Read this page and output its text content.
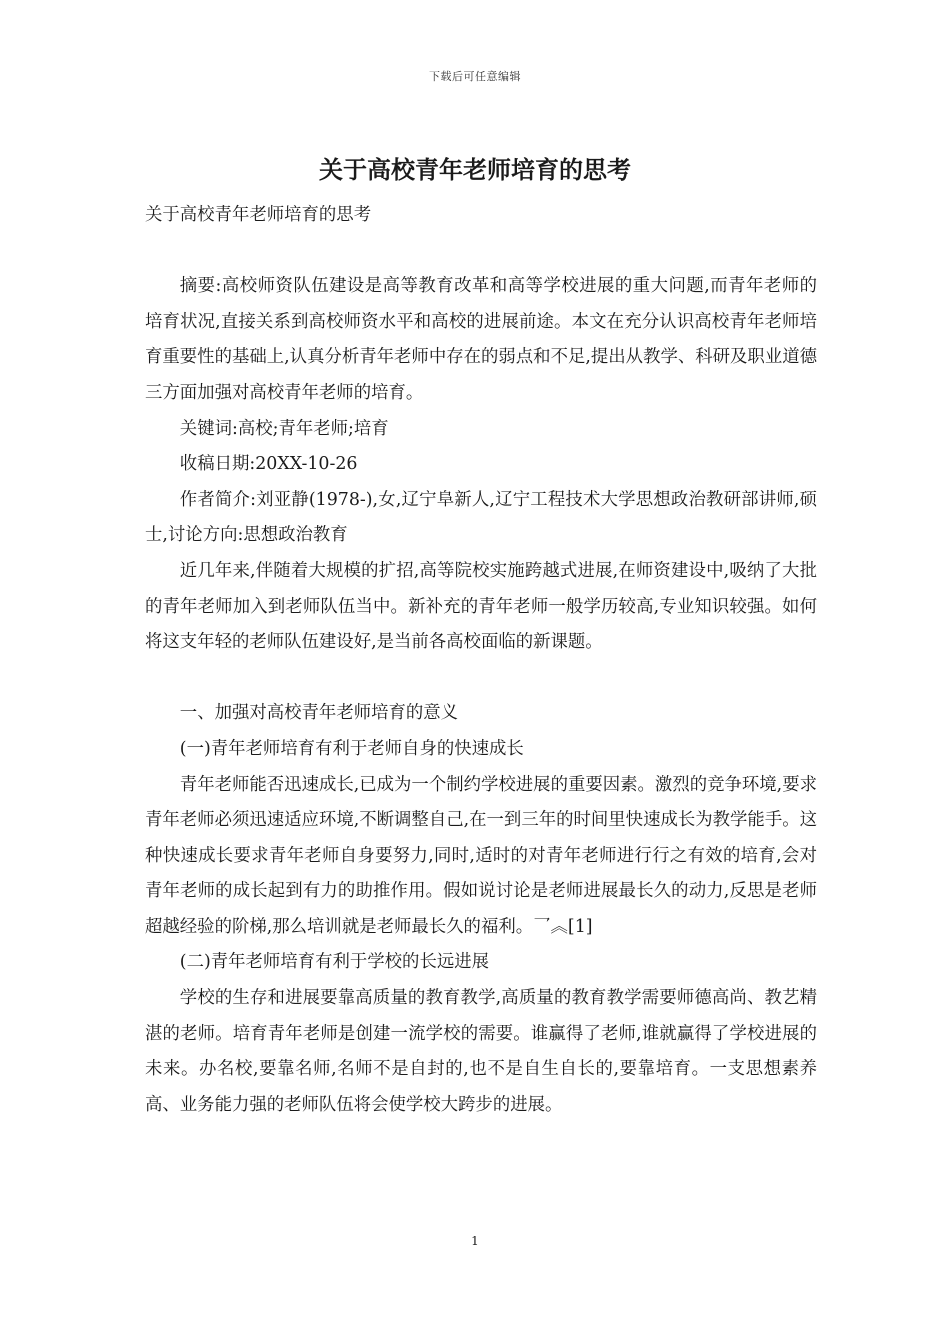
下载后可任意编辑
关于高校青年老师培育的思考

关于高校青年老师培育的思考

摘要:高校师资队伍建设是高等教育改革和高等学校进展的重大问题,而青年老师的培育状况,直接关系到高校师资水平和高校的进展前途。本文在充分认识高校青年老师培育重要性的基础上,认真分析青年老师中存在的弱点和不足,提出从教学、科研及职业道德三方面加强对高校青年老师的培育。

关键词:高校;青年老师;培育

收稿日期:20XX-10-26

作者简介:刘亚静(1978-),女,辽宁阜新人,辽宁工程技术大学思想政治教研部讲师,硕士,讨论方向:思想政治教育

近几年来,伴随着大规模的扩招,高等院校实施跨越式进展,在师资建设中,吸纳了大批的青年老师加入到老师队伍当中。新补充的青年老师一般学历较高,专业知识较强。如何将这支年轻的老师队伍建设好,是当前各高校面临的新课题。

一、加强对高校青年老师培育的意义

(一)青年老师培育有利于老师自身的快速成长

青年老师能否迅速成长,已成为一个制约学校进展的重要因素。激烈的竞争环境,要求青年老师必须迅速适应环境,不断调整自己,在一到三年的时间里快速成长为教学能手。这种快速成长要求青年老师自身要努力,同时,适时的对青年老师进行行之有效的培育,会对青年老师的成长起到有力的助推作用。假如说讨论是老师进展最长久的动力,反思是老师超越经验的阶梯,那么培训就是老师最长久的福利。乛︽[1]

(二)青年老师培育有利于学校的长远进展

学校的生存和进展要靠高质量的教育教学,高质量的教育教学需要师德高尚、教艺精湛的老师。培育青年老师是创建一流学校的需要。谁赢得了老师,谁就赢得了学校进展的未来。办名校,要靠名师,名师不是自封的,也不是自生自长的,要靠培育。一支思想素养高、业务能力强的老师队伍将会使学校大跨步的进展。

1
